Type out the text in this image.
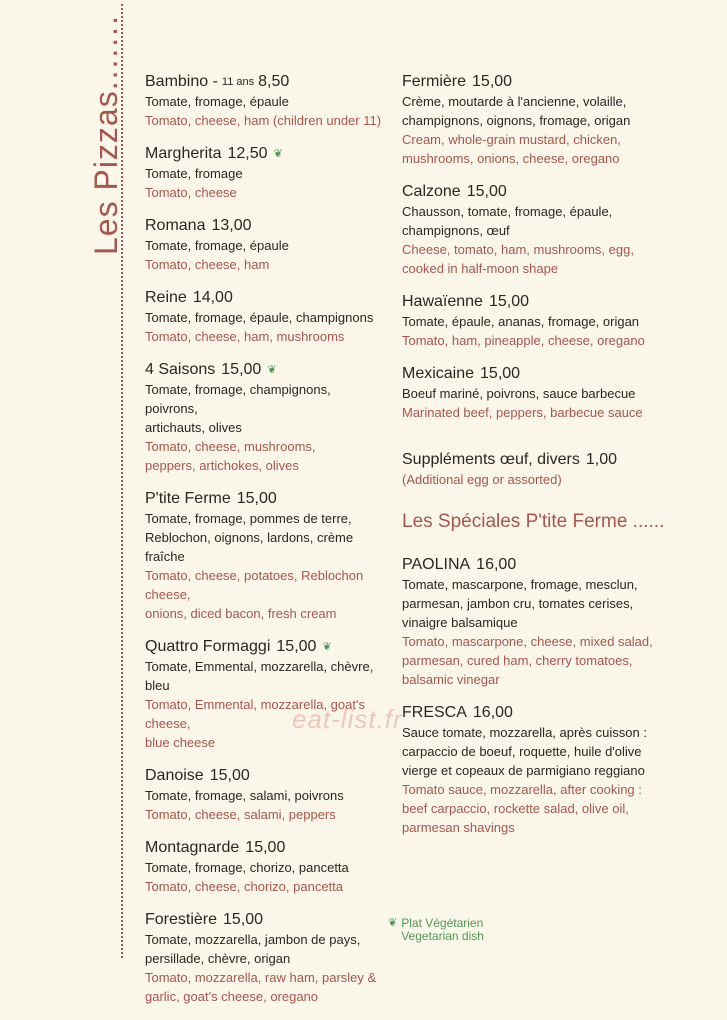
Les Pizzas....... Bambino - 11 ans 8,50
Tomate, fromage, épaule
Tomato, cheese, ham (children under 11)
Margherita 12,50 ❦
Tomate, fromage
Tomato, cheese
Romana 13,00
Tomate, fromage, épaule
Tomato, cheese, ham
Reine 14,00
Tomate, fromage, épaule, champignons
Tomato, cheese, ham, mushrooms
4 Saisons 15,00 ❦
Tomate, fromage, champignons, poivrons,
artichauts, olives
Tomato, cheese, mushrooms,
peppers, artichokes, olives
P'tite Ferme 15,00
Tomate, fromage, pommes de terre,
Reblochon, oignons, lardons, crème fraîche
Tomato, cheese, potatoes, Reblochon cheese,
onions, diced bacon, fresh cream
Quattro Formaggi 15,00 ❦
Tomate, Emmental, mozzarella, chèvre, bleu
Tomato, Emmental, mozzarella, goat's cheese,
blue cheese
Danoise 15,00
Tomate, fromage, salami, poivrons
Tomato, cheese, salami, peppers
Montagnarde 15,00
Tomate, fromage, chorizo, pancetta
Tomato, cheese, chorizo, pancetta
Forestière 15,00
Tomate, mozzarella, jambon de pays,
persillade, chèvre, origan
Tomato, mozzarella, raw ham, parsley &
garlic, goat's cheese, oregano
Fermière 15,00
Crème, moutarde à l'ancienne, volaille,
champignons, oignons, fromage, origan
Cream, whole-grain mustard, chicken,
mushrooms, onions, cheese, oregano
Calzone 15,00
Chausson, tomate, fromage, épaule,
champignons, œuf
Cheese, tomato, ham, mushrooms, egg,
cooked in half-moon shape
Hawaïenne 15,00
Tomate, épaule, ananas, fromage, origan
Tomato, ham, pineapple, cheese, oregano
Mexicaine 15,00
Boeuf mariné, poivrons, sauce barbecue
Marinated beef, peppers, barbecue sauce
Suppléments œuf, divers 1,00
(Additional egg or assorted)
Les Spéciales P'tite Ferme ......
PAOLINA 16,00
Tomate, mascarpone, fromage, mesclun,
parmesan, jambon cru, tomates cerises,
vinaigre balsamique
Tomato, mascarpone, cheese, mixed salad,
parmesan, cured ham, cherry tomatoes,
balsamic vinegar
FRESCA 16,00
Sauce tomate, mozzarella, après cuisson :
carpaccio de boeuf, roquette, huile d'olive
vierge et copeaux de parmigiano reggiano
Tomato sauce, mozzarella, after cooking :
beef carpaccio, rockette salad, olive oil,
parmesan shavings
eat-list.fr
❦ Plat Végétarien
Vegetarian dish
